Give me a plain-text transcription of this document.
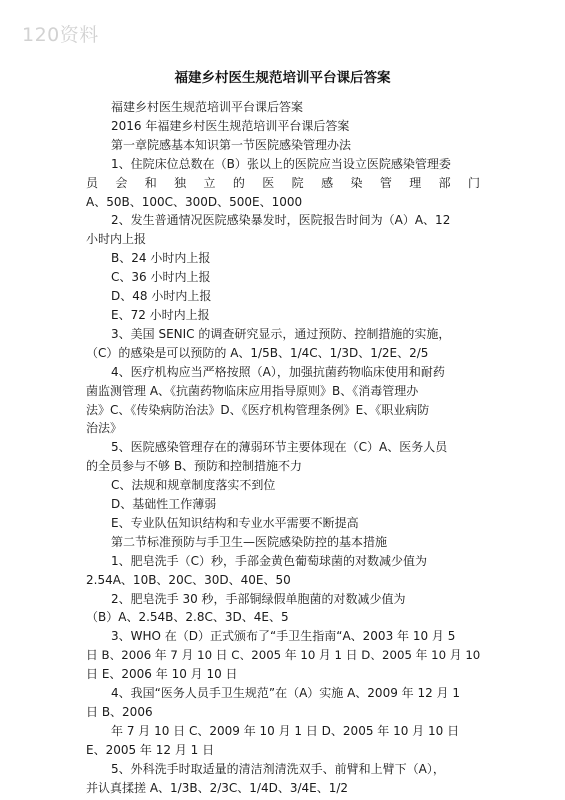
120资料
福建乡村医生规范培训平台课后答案
福建乡村医生规范培训平台课后答案
2016 年福建乡村医生规范培训平台课后答案
第一章院感基本知识第一节医院感染管理办法
1、住院床位总数在（B）张以上的医院应当设立医院感染管理委
员会和独立的医院感染管理部门
A、50B、100C、300D、500E、1000
2、发生普通情况医院感染暴发时，医院报告时间为（A）A、12
小时内上报
B、24 小时内上报
C、36 小时内上报
D、48 小时内上报
E、72 小时内上报
3、美国 SENIC 的调查研究显示，通过预防、控制措施的实施，
（C）的感染是可以预防的 A、1/5B、1/4C、1/3D、1/2E、2/5
4、医疗机构应当严格按照（A），加强抗菌药物临床使用和耐药
菌监测管理 A、《抗菌药物临床应用指导原则》B、《消毒管理办
法》C、《传染病防治法》D、《医疗机构管理条例》E、《职业病防
治法》
5、医院感染管理存在的薄弱环节主要体现在（C）A、医务人员
的全员参与不够 B、预防和控制措施不力
C、法规和规章制度落实不到位
D、基础性工作薄弱
E、专业队伍知识结构和专业水平需要不断提高
第二节标准预防与手卫生—医院感染防控的基本措施
1、肥皂洗手（C）秒，手部金黄色葡萄球菌的对数减少值为
2.54A、10B、20C、30D、40E、50
2、肥皂洗手 30 秒，手部铜绿假单胞菌的对数减少值为
（B）A、2.54B、2.8C、3D、4E、5
3、WHO 在（D）正式颁布了“手卫生指南“A、2003 年 10 月 5
日 B、2006 年 7 月 10 日 C、2005 年 10 月 1 日 D、2005 年 10 月 10
日 E、2006 年 10 月 10 日
4、我国“医务人员手卫生规范”在（A）实施 A、2009 年 12 月 1
日 B、2006
年 7 月 10 日 C、2009 年 10 月 1 日 D、2005 年 10 月 10 日
E、2005 年 12 月 1 日
5、外科洗手时取适量的清洁剂清洗双手、前臂和上臂下（A），
并认真揉搓 A、1/3B、2/3C、1/4D、3/4E、1/2
